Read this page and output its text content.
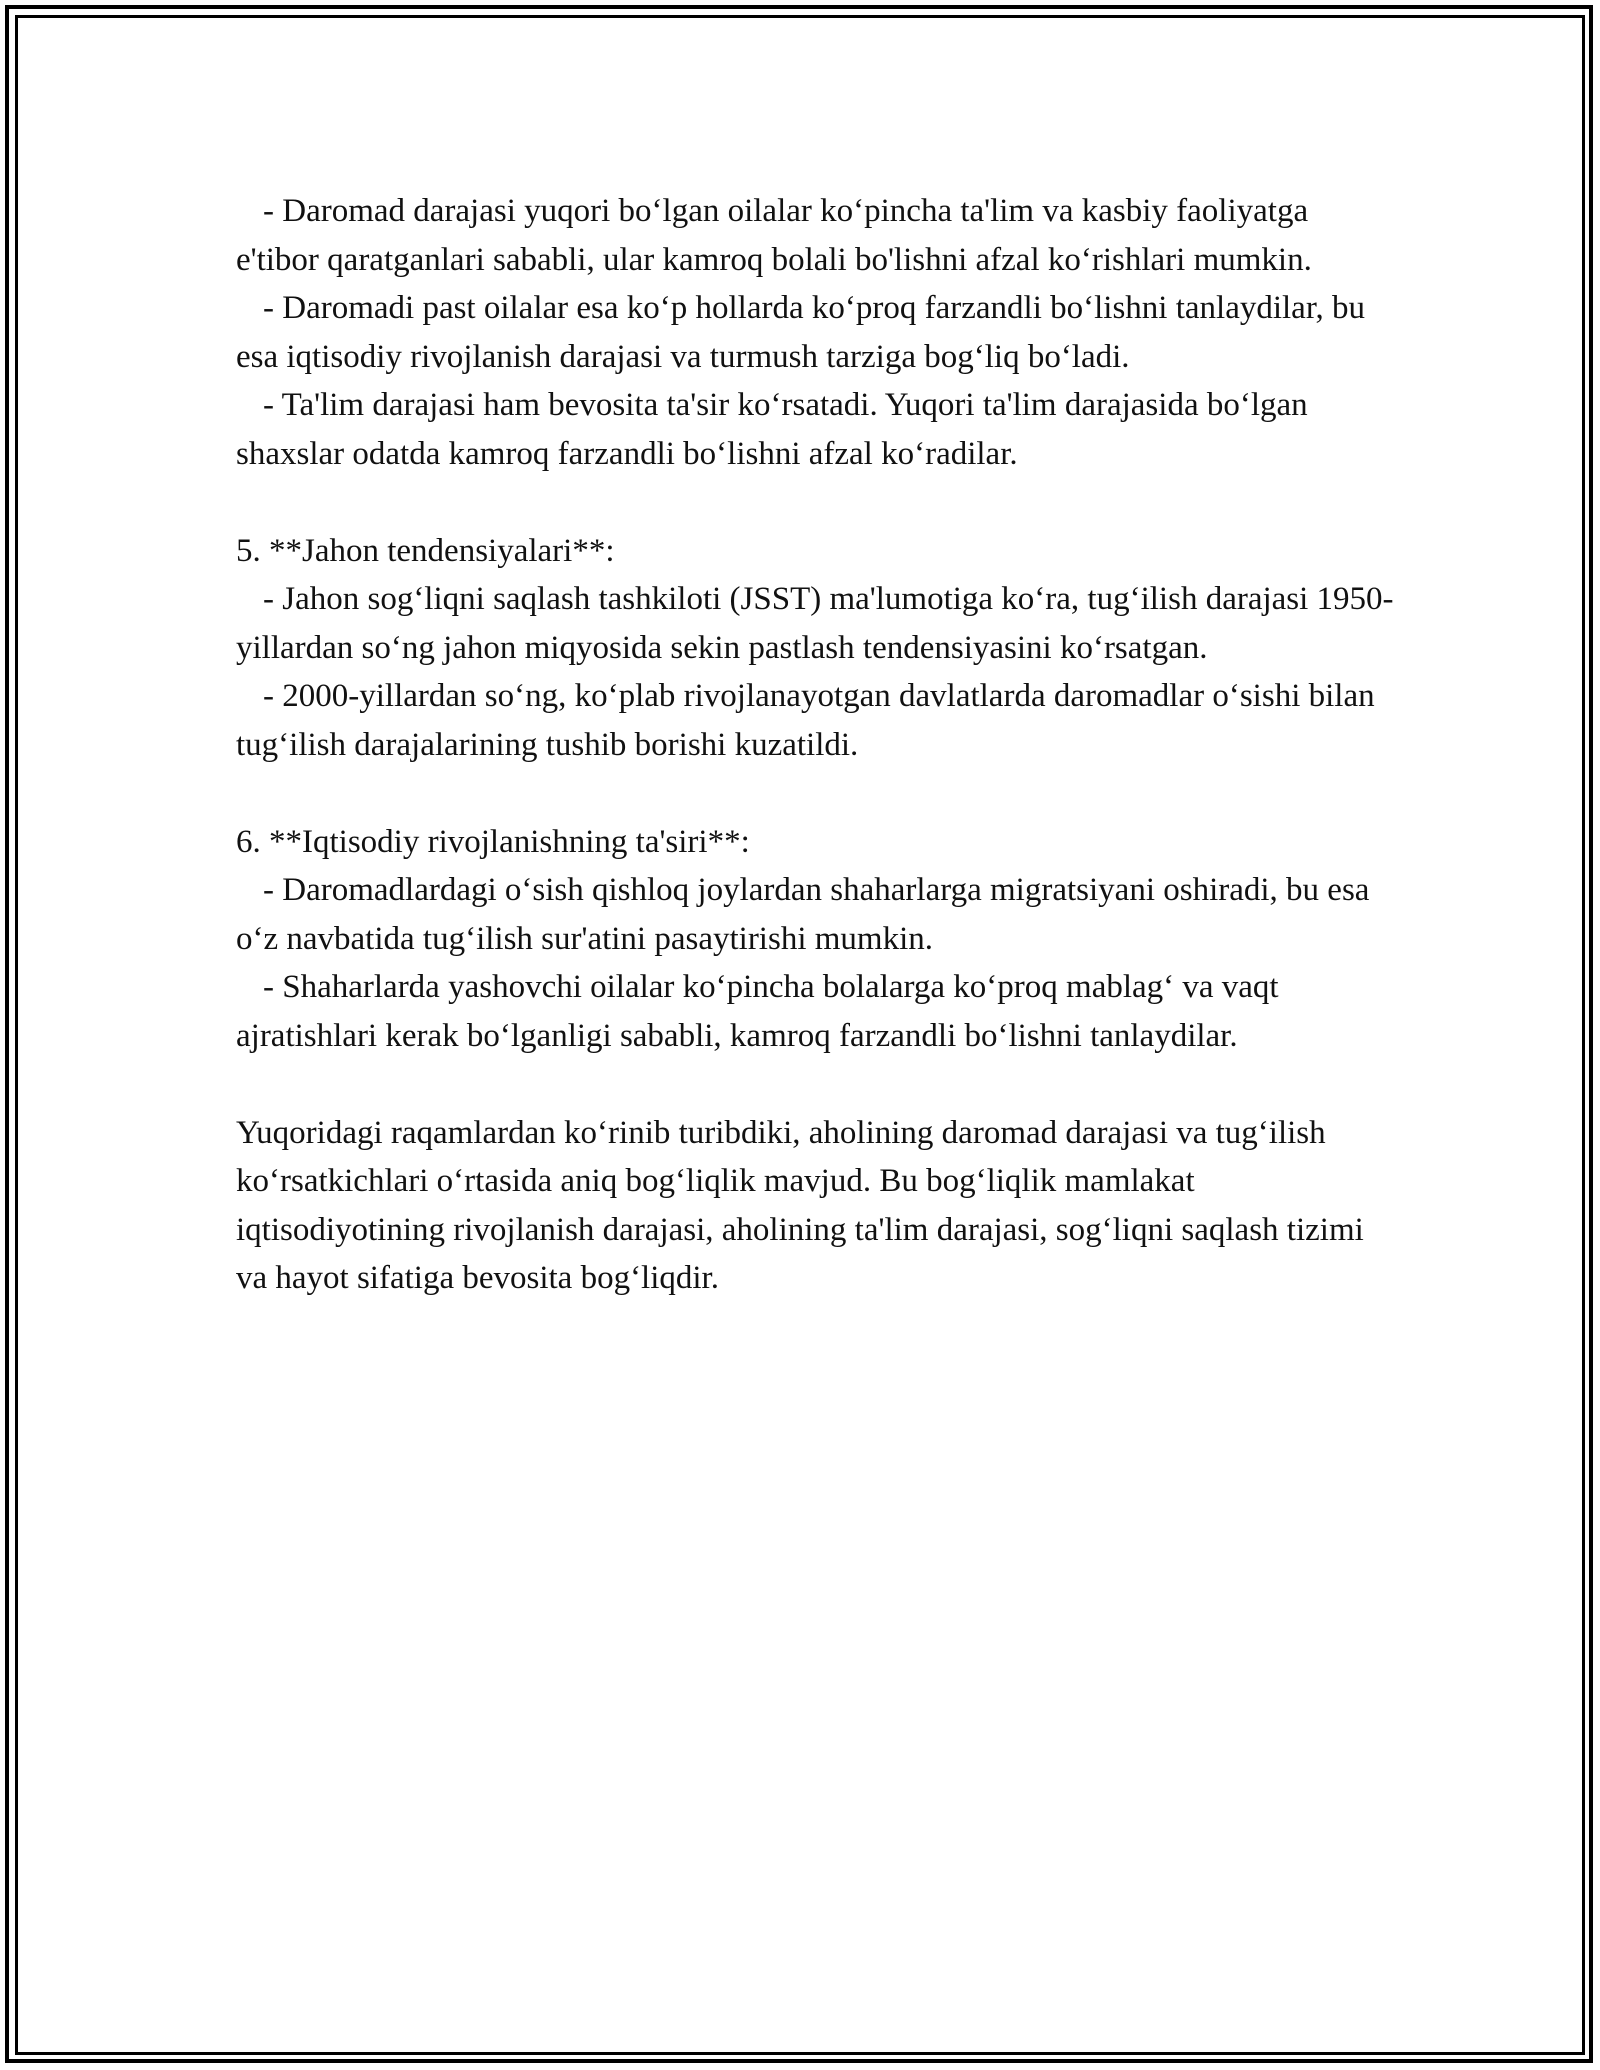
- Daromad darajasi yuqori bo‘lgan oilalar ko‘pincha ta'lim va kasbiy faoliyatga e'tibor qaratganlari sababli, ular kamroq bolali bo'lishni afzal ko‘rishlari mumkin.

- Daromadi past oilalar esa ko‘p hollarda ko‘proq farzandli bo‘lishni tanlaydilar, bu esa iqtisodiy rivojlanish darajasi va turmush tarziga bog‘liq bo‘ladi.

- Ta'lim darajasi ham bevosita ta'sir ko‘rsatadi. Yuqori ta'lim darajasida bo‘lgan shaxslar odatda kamroq farzandli bo‘lishni afzal ko‘radilar.

5. **Jahon tendensiyalari**:

- Jahon sog‘liqni saqlash tashkiloti (JSST) ma'lumotiga ko‘ra, tug‘ilish darajasi 1950-yillardan so‘ng jahon miqyosida sekin pastlash tendensiyasini ko‘rsatgan.

- 2000-yillardan so‘ng, ko‘plab rivojlanayotgan davlatlarda daromadlar o‘sishi bilan tug‘ilish darajalarining tushib borishi kuzatildi.

6. **Iqtisodiy rivojlanishning ta'siri**:

- Daromadlardagi o‘sish qishloq joylardan shaharlarga migratsiyani oshiradi, bu esa o‘z navbatida tug‘ilish sur'atini pasaytirishi mumkin.

- Shaharlarda yashovchi oilalar ko‘pincha bolalarga ko‘proq mablag‘ va vaqt ajratishlari kerak bo‘lganligi sababli, kamroq farzandli bo‘lishni tanlaydilar.

Yuqoridagi raqamlardan ko‘rinib turibdiki, aholining daromad darajasi va tug‘ilish ko‘rsatkichlari o‘rtasida aniq bog‘liqlik mavjud. Bu bog‘liqlik mamlakat iqtisodiyotining rivojlanish darajasi, aholining ta'lim darajasi, sog‘liqni saqlash tizimi va hayot sifatiga bevosita bog‘liqdir.
